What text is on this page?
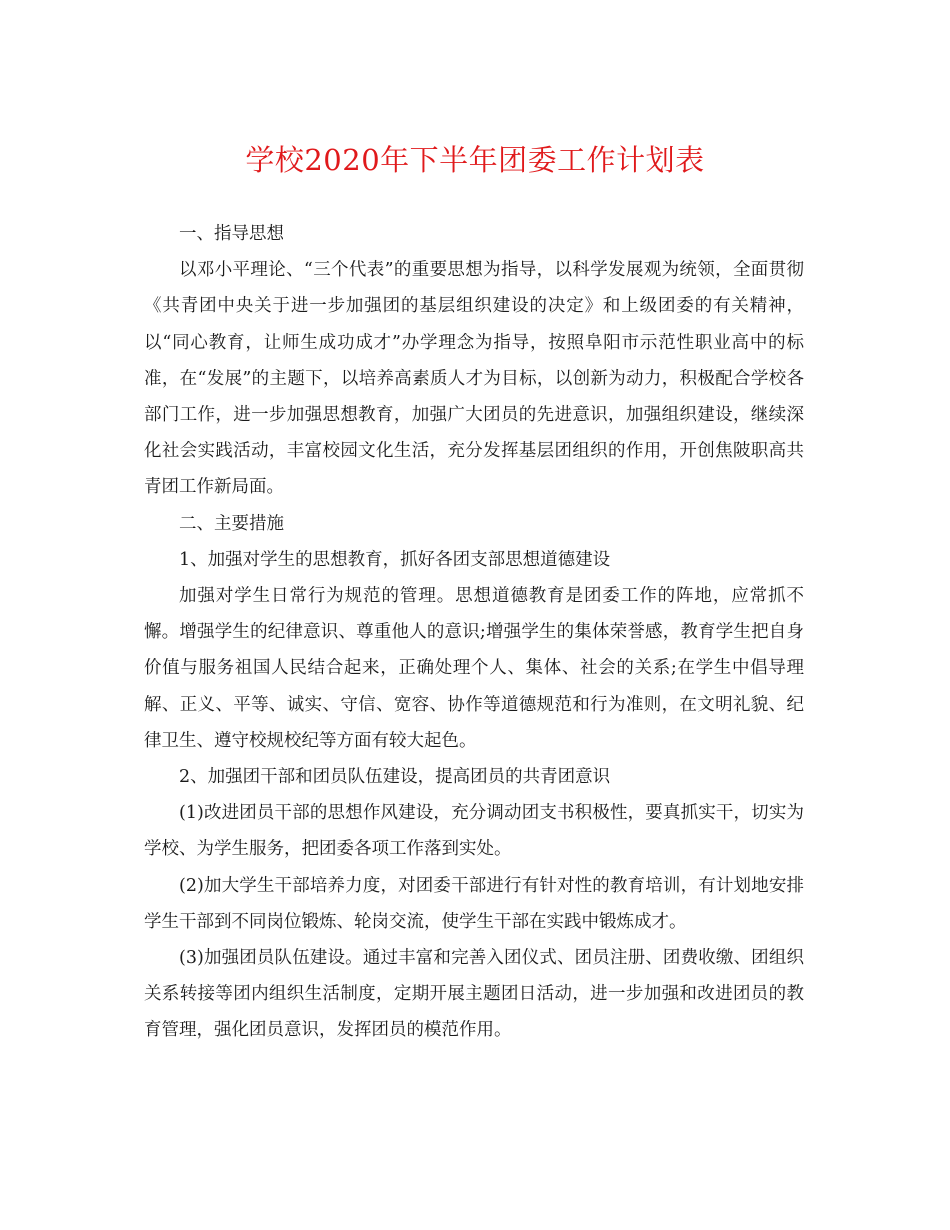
学校2020年下半年团委工作计划表

一、指导思想

以邓小平理论、“三个代表”的重要思想为指导，以科学发展观为统领，全面贯彻《共青团中央关于进一步加强团的基层组织建设的决定》和上级团委的有关精神，以“同心教育，让师生成功成才”办学理念为指导，按照阜阳市示范性职业高中的标准，在“发展”的主题下，以培养高素质人才为目标，以创新为动力，积极配合学校各部门工作，进一步加强思想教育，加强广大团员的先进意识，加强组织建设，继续深化社会实践活动，丰富校园文化生活，充分发挥基层团组织的作用，开创焦陂职高共青团工作新局面。

二、主要措施

1、加强对学生的思想教育，抓好各团支部思想道德建设

加强对学生日常行为规范的管理。思想道德教育是团委工作的阵地，应常抓不懈。增强学生的纪律意识、尊重他人的意识;增强学生的集体荣誉感，教育学生把自身价值与服务祖国人民结合起来，正确处理个人、集体、社会的关系;在学生中倡导理解、正义、平等、诚实、守信、宽容、协作等道德规范和行为准则，在文明礼貌、纪律卫生、遵守校规校纪等方面有较大起色。

2、加强团干部和团员队伍建设，提高团员的共青团意识

(1)改进团员干部的思想作风建设，充分调动团支书积极性，要真抓实干，切实为学校、为学生服务，把团委各项工作落到实处。

(2)加大学生干部培养力度，对团委干部进行有针对性的教育培训，有计划地安排学生干部到不同岗位锻炼、轮岗交流，使学生干部在实践中锻炼成才。

(3)加强团员队伍建设。通过丰富和完善入团仪式、团员注册、团费收缴、团组织关系转接等团内组织生活制度，定期开展主题团日活动，进一步加强和改进团员的教育管理，强化团员意识，发挥团员的模范作用。
